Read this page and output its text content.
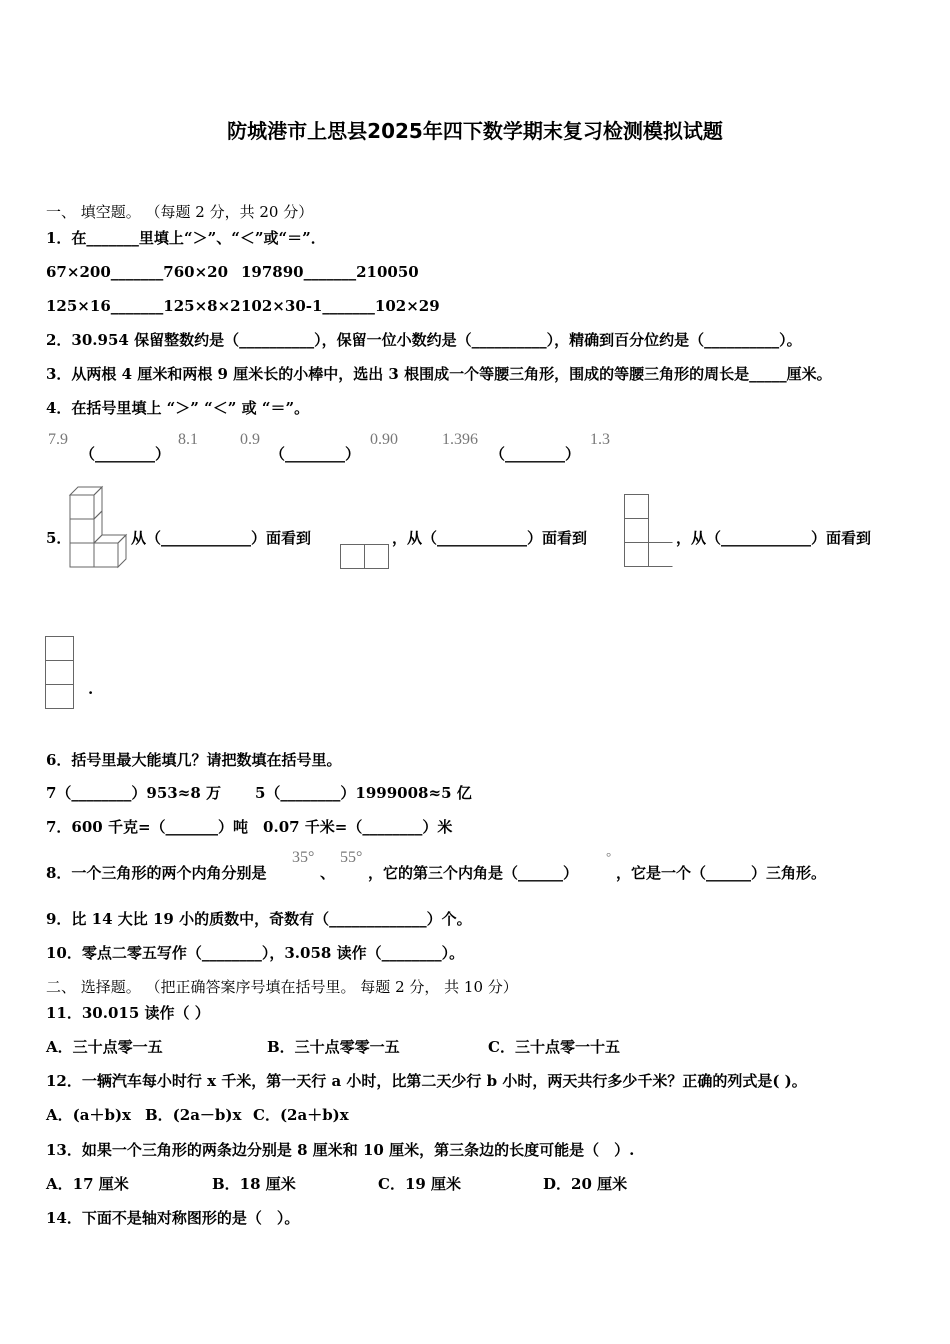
防城港市上思县2025年四下数学期末复习检测模拟试题
一、 填空题。 （每题 2 分，共 20 分）
1．在_______里填上“＞”、“＜”或“＝”．
67×200_______760×20 197890_______210050
125×16_______125×8×2 102×30-1_______102×29
2．30.954 保留整数约是（__________），保留一位小数约是（__________），精确到百分位约是（__________）。
3．从两根 4 厘米和两根 9 厘米长的小棒中，选出 3 根围成一个等腰三角形，围成的等腰三角形的周长是_____厘米。
4．在括号里填上 “＞” “＜” 或 “＝”。
7.9
（________）
8.1	0.9
（________）
0.90	1.396
（________）
1.3
5．	从（____________）面看到	，从（____________）面看到	，从（____________）面看到
.
6．括号里最大能填几？请把数填在括号里。
7（________）953≈8 万 5（________）1999008≈5 亿
7．600 千克=（_______）吨　0.07 千米=（________）米
8．一个三角形的两个内角分别是
35°
、
55°
，它的第三个内角是（______）
°
，它是一个（______）三角形。
9．比 14 大比 19 小的质数中，奇数有（_____________）个。
10．零点二零五写作（________），3.058 读作（________）。
二、 选择题。 （把正确答案序号填在括号里。 每题 2 分， 共 10 分）
11．30.015 读作（ ）
A．三十点零一五	B．三十点零零一五	C．三十点零一十五
12．一辆汽车每小时行 x 千米，第一天行 a 小时，比第二天少行 b 小时，两天共行多少千米？正确的列式是( )。
A．(a＋b)x B．(2a－b)x C．(2a＋b)x
13．如果一个三角形的两条边分别是 8 厘米和 10 厘米，第三条边的长度可能是（　）.
A．17 厘米	B．18 厘米	C．19 厘米	D．20 厘米
14．下面不是轴对称图形的是（　）。
